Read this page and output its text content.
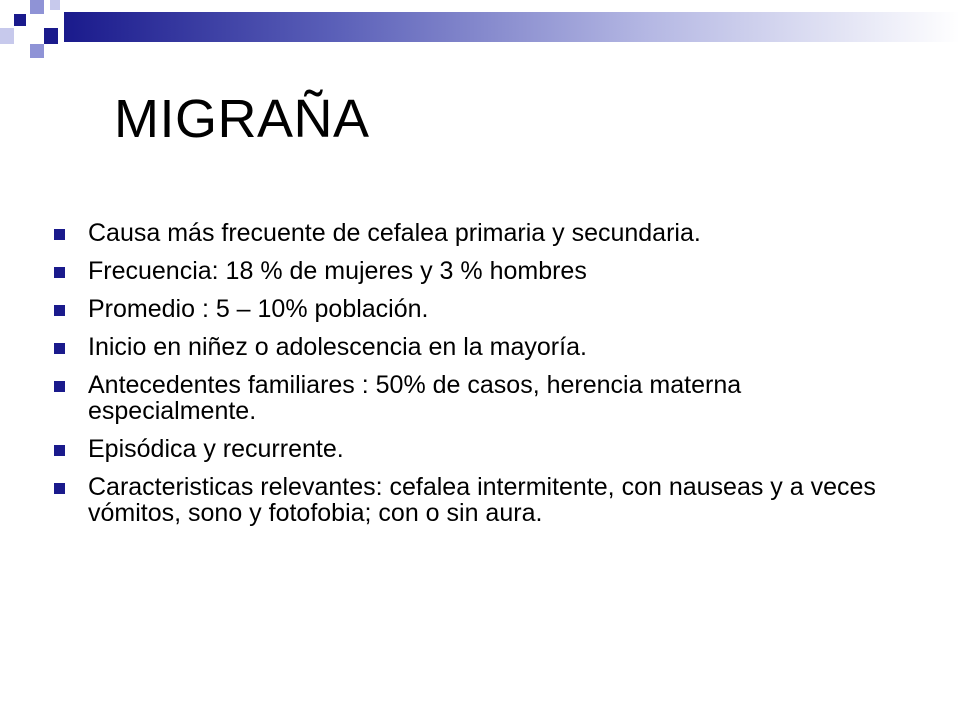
MIGRAÑA
Causa más frecuente de cefalea primaria y secundaria.
Frecuencia: 18 % de mujeres y 3 % hombres
Promedio : 5 – 10% población.
Inicio en niñez o adolescencia en la mayoría.
Antecedentes familiares : 50% de casos, herencia materna especialmente.
Episódica y recurrente.
Caracteristicas relevantes: cefalea intermitente, con nauseas y a veces vómitos, sono y fotofobia; con o sin aura.
